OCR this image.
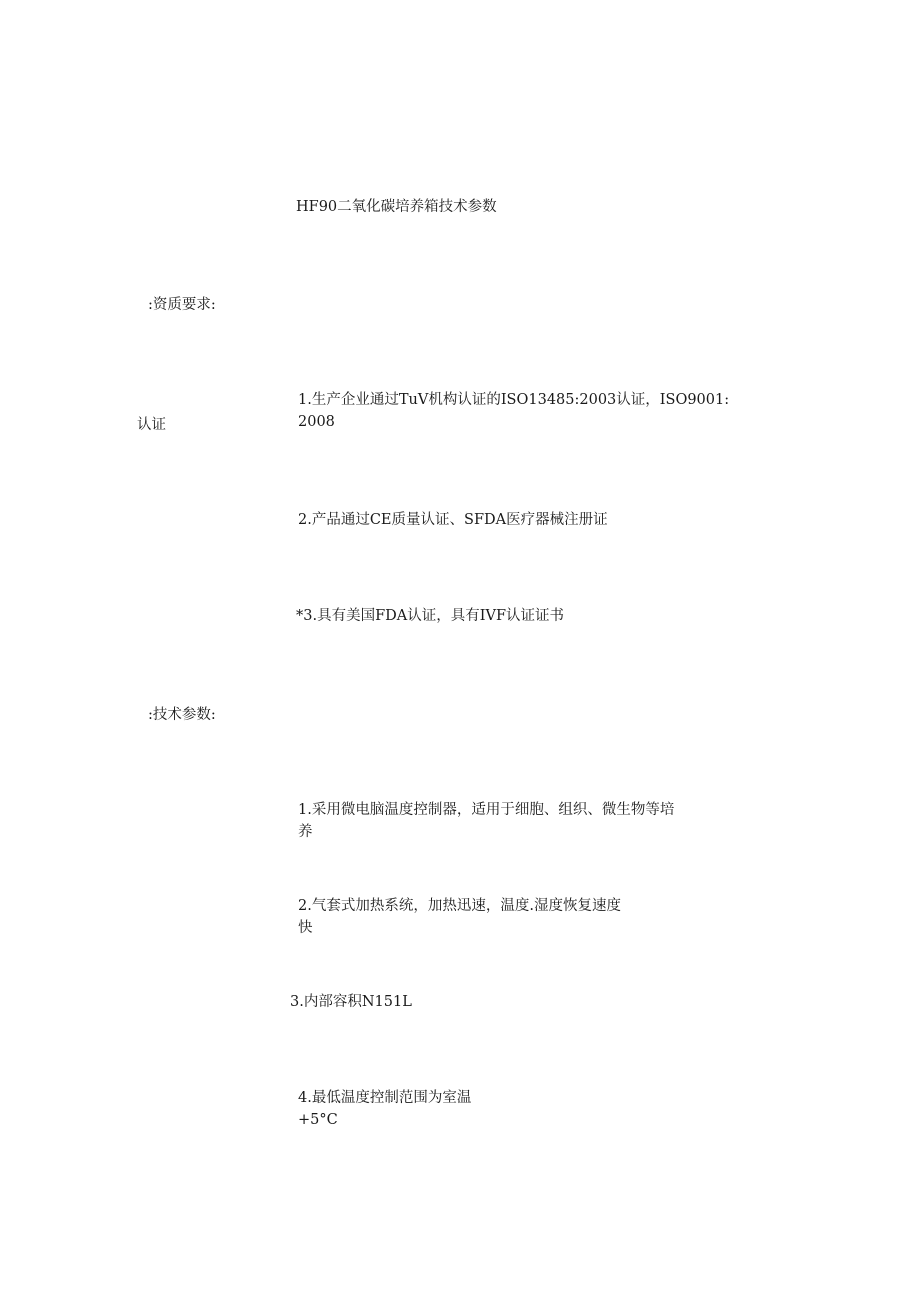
HF90二氧化碳培养箱技术参数
:资质要求:
认证
1.生产企业通过TuV机构认证的ISO13485:2003认证，ISO9001:
2008
2.产品通过CE质量认证、SFDA医疗器械注册证
*3.具有美国FDA认证，具有IVF认证证书
:技术参数:
1.采用微电脑温度控制器，适用于细胞、组织、微生物等培
养
2.气套式加热系统，加热迅速，温度.湿度恢复速度
快
3.内部容积N151L
4.最低温度控制范围为室温
+5°C
